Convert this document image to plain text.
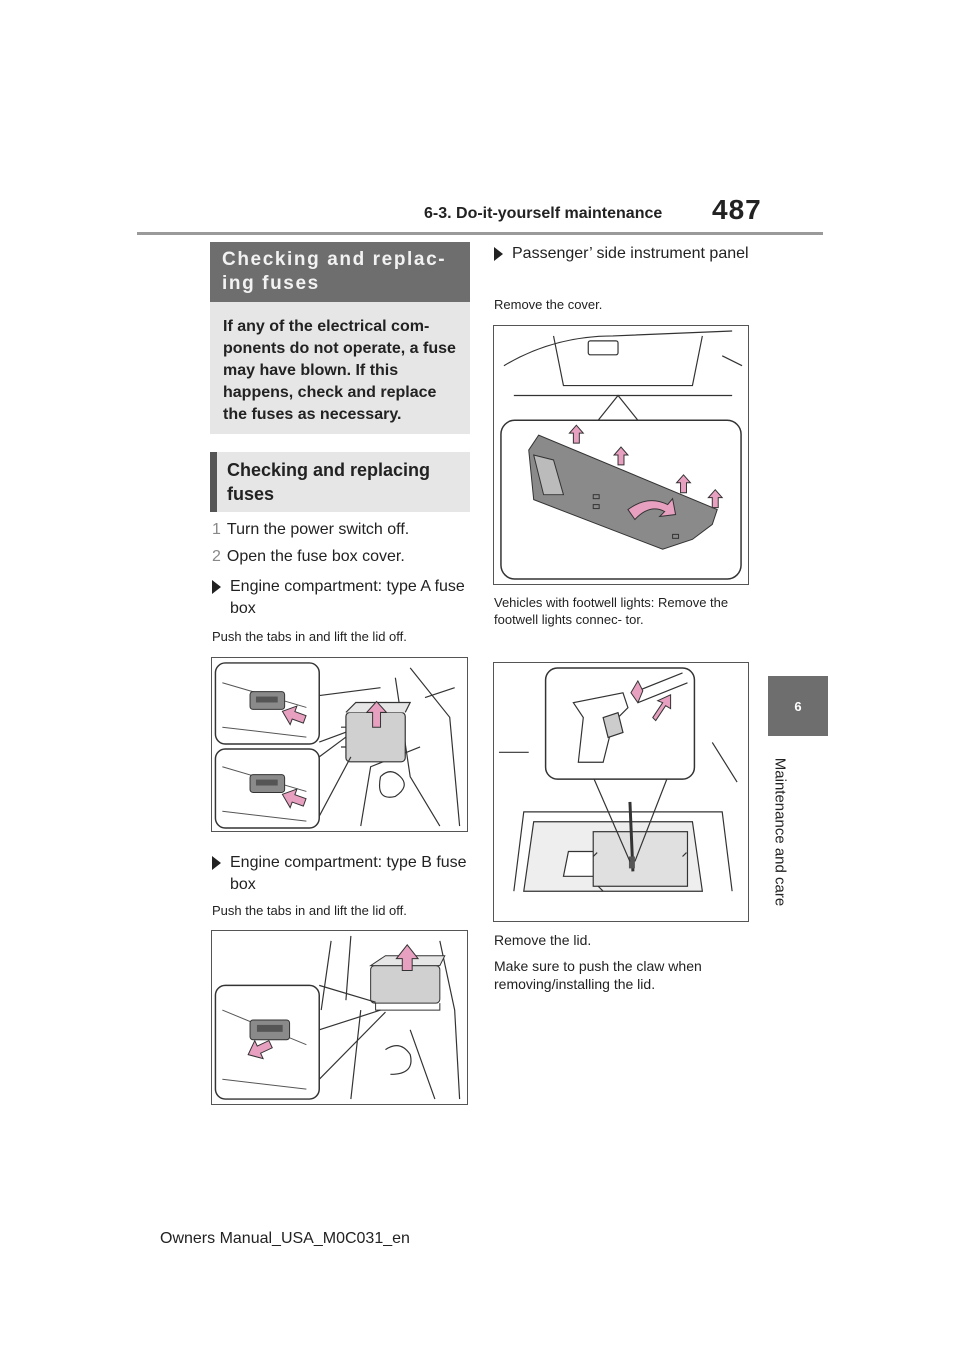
6-3. Do-it-yourself maintenance 487
6
Maintenance and care
Checking and replac- ing fuses
If any of the electrical com- ponents do not operate, a fuse may have blown. If this happens, check and replace the fuses as necessary.
Checking and replacing fuses
1 Turn the power switch off.
2 Open the fuse box cover.
Engine compartment: type A fuse box
Push the tabs in and lift the lid off.
Engine compartment: type B fuse box
Push the tabs in and lift the lid off.
Passenger’ side instrument panel
Remove the cover.
Vehicles with footwell lights: Remove the footwell lights connec- tor.
Remove the lid.
Make sure to push the claw when removing/installing the lid.
Owners Manual_USA_M0C031_en
